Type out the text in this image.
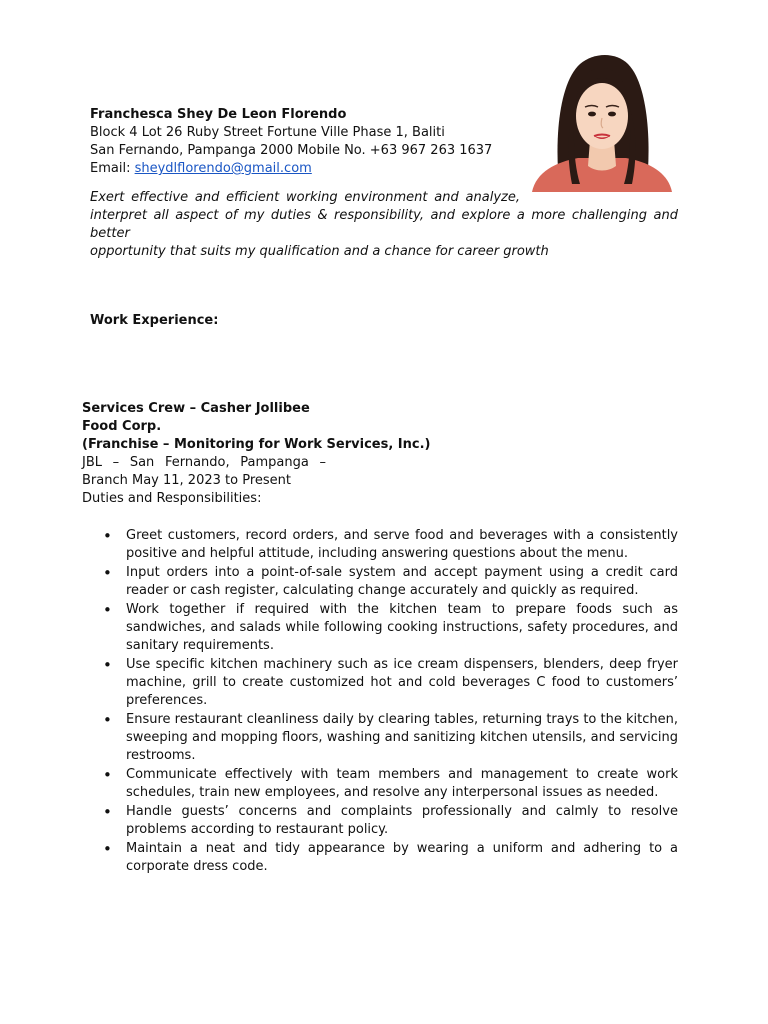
Franchesca Shey De Leon Florendo
Block 4 Lot 26 Ruby Street Fortune Ville Phase 1, Baliti
San Fernando, Pampanga 2000 Mobile No. +63 967 263 1637
Email: sheydlflorendo@gmail.com
Exert effective and efficient working environment and analyze,
interpret all aspect of my duties & responsibility, and explore a more challenging and better
opportunity that suits my qualification and a chance for career growth
Work Experience:
Services Crew – Casher Jollibee
Food Corp.
(Franchise – Monitoring for Work Services, Inc.)
JBL – San Fernando, Pampanga –
Branch May 11, 2023 to Present
Duties and Responsibilities:
• Greet customers, record orders, and serve food and beverages with a consistently positive and helpful attitude, including answering questions about the menu.
• Input orders into a point-of-sale system and accept payment using a credit card reader or cash register, calculating change accurately and quickly as required.
• Work together if required with the kitchen team to prepare foods such as sandwiches, and salads while following cooking instructions, safety procedures, and sanitary requirements.
• Use specific kitchen machinery such as ice cream dispensers, blenders, deep fryer machine, grill to create customized hot and cold beverages C food to customers’ preferences.
• Ensure restaurant cleanliness daily by clearing tables, returning trays to the kitchen, sweeping and mopping floors, washing and sanitizing kitchen utensils, and servicing restrooms.
• Communicate effectively with team members and management to create work schedules, train new employees, and resolve any interpersonal issues as needed.
• Handle guests’ concerns and complaints professionally and calmly to resolve problems according to restaurant policy.
• Maintain a neat and tidy appearance by wearing a uniform and adhering to a corporate dress code.
